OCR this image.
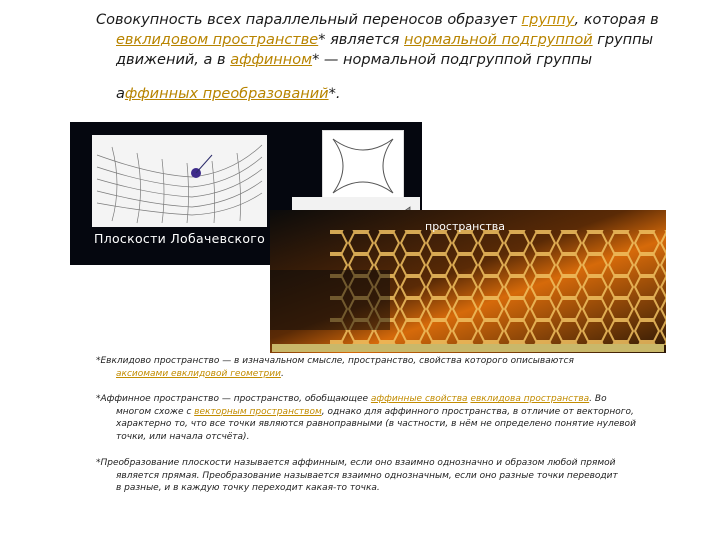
Совокупность всех параллельный переносов образует группу, которая в

евклидовом пространстве* является нормальной подгруппой группы

движений, а в аффинном* — нормальной подгруппой группы

аффинных преобразований*.

Плоскости Лобачевского
пространства
*Евклидово пространство — в изначальном смысле, пространство, свойства которого описываются
аксиомами евклидовой геометрии.
*Аффинное пространство — пространство, обобщающее аффинные свойства евклидова пространства. Во
многом схоже с векторным пространством, однако для аффинного пространства, в отличие от векторного,
характерно то, что все точки являются равноправными (в частности, в нём не определено понятие нулевой
точки, или начала отсчёта).
*Преобразование плоскости называется аффинным, если оно взаимно однозначно и образом любой прямой
является прямая. Преобразование называется взаимно однозначным, если оно разные точки переводит
в разные, и в каждую точку переходит какая-то точка.
